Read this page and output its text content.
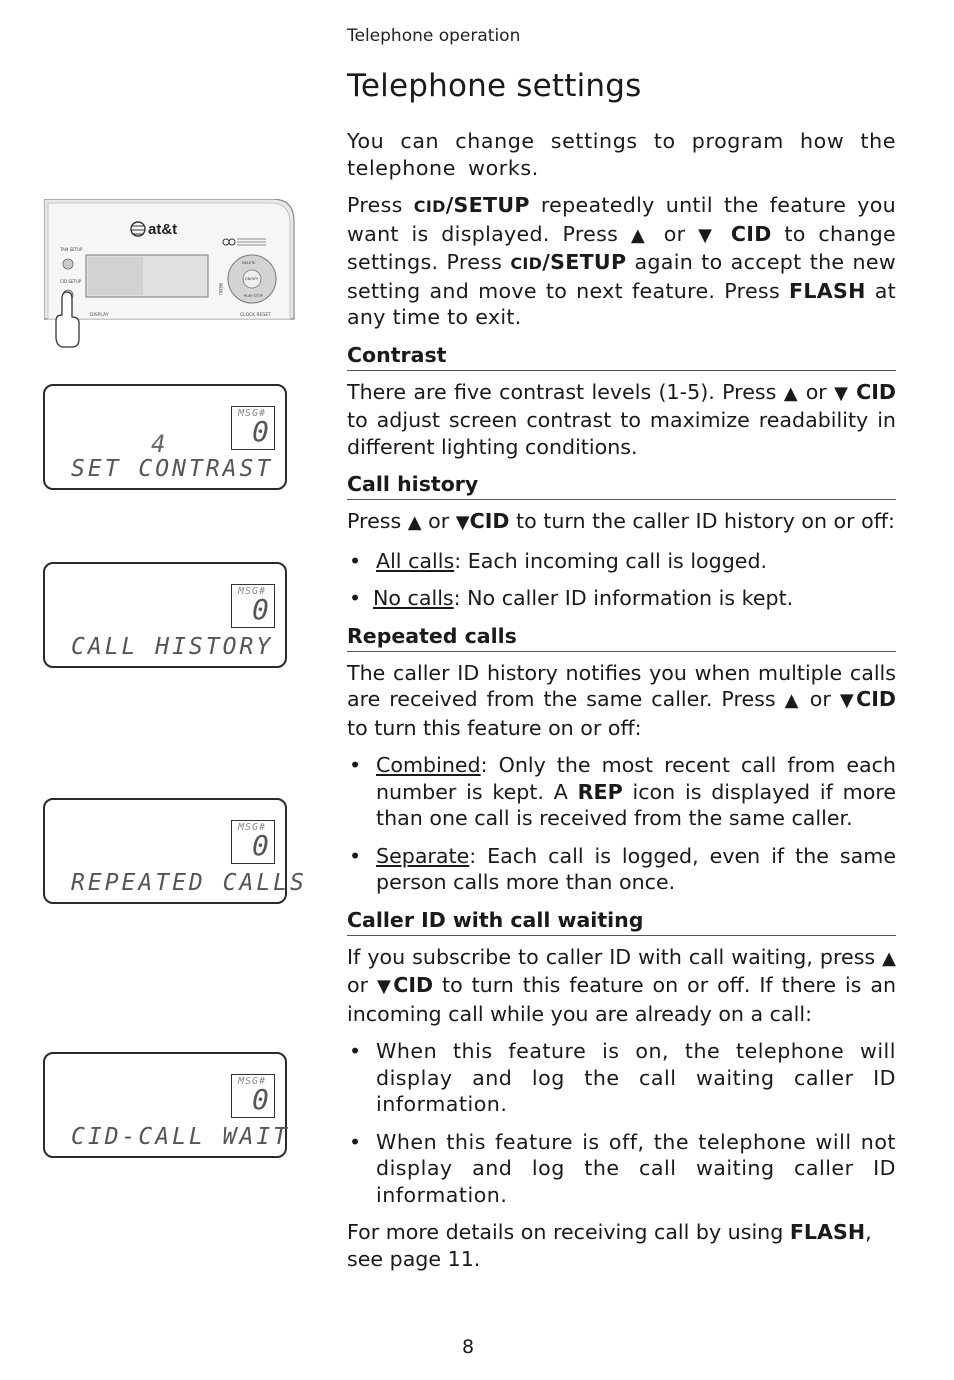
Telephone operation
Telephone settings
at&t
TAM SETUP
CID SETUP
DISPLAY
MENU
DELETE
ON/OFF
PLAY STOP
CLOCK RESET
MSG#
0
4
SET CONTRAST
MSG#
0
CALL HISTORY
MSG#
0
REPEATED CALLS
MSG#
0
CID-CALL WAIT

You can change settings to program how the telephone works.

Press CID/SETUP repeatedly until the feature you want is displayed. Press ▲ or ▼ CID to change settings. Press CID/SETUP again to accept the new setting and move to next feature. Press FLASH at any time to exit.

Contrast

There are five contrast levels (1-5). Press ▲ or ▼ CID to adjust screen contrast to maximize readability in different lighting conditions.

Call history

Press ▲ or ▼CID to turn the caller ID history on or off:

• All calls: Each incoming call is logged.
• No calls: No caller ID information is kept.
Repeated calls

The caller ID history notifies you when multiple calls are received from the same caller. Press ▲ or ▼CID to turn this feature on or off:

• Combined: Only the most recent call from each number is kept. A REP icon is displayed if more than one call is received from the same caller.
• Separate: Each call is logged, even if the same person calls more than once.
Caller ID with call waiting

If you subscribe to caller ID with call waiting, press ▲ or ▼CID to turn this feature on or off. If there is an incoming call while you are already on a call:

• When this feature is on, the telephone will display and log the call waiting caller ID information.
• When this feature is off, the telephone will not display and log the call waiting caller ID information.

For more details on receiving call by using FLASH, see page 11.

8
